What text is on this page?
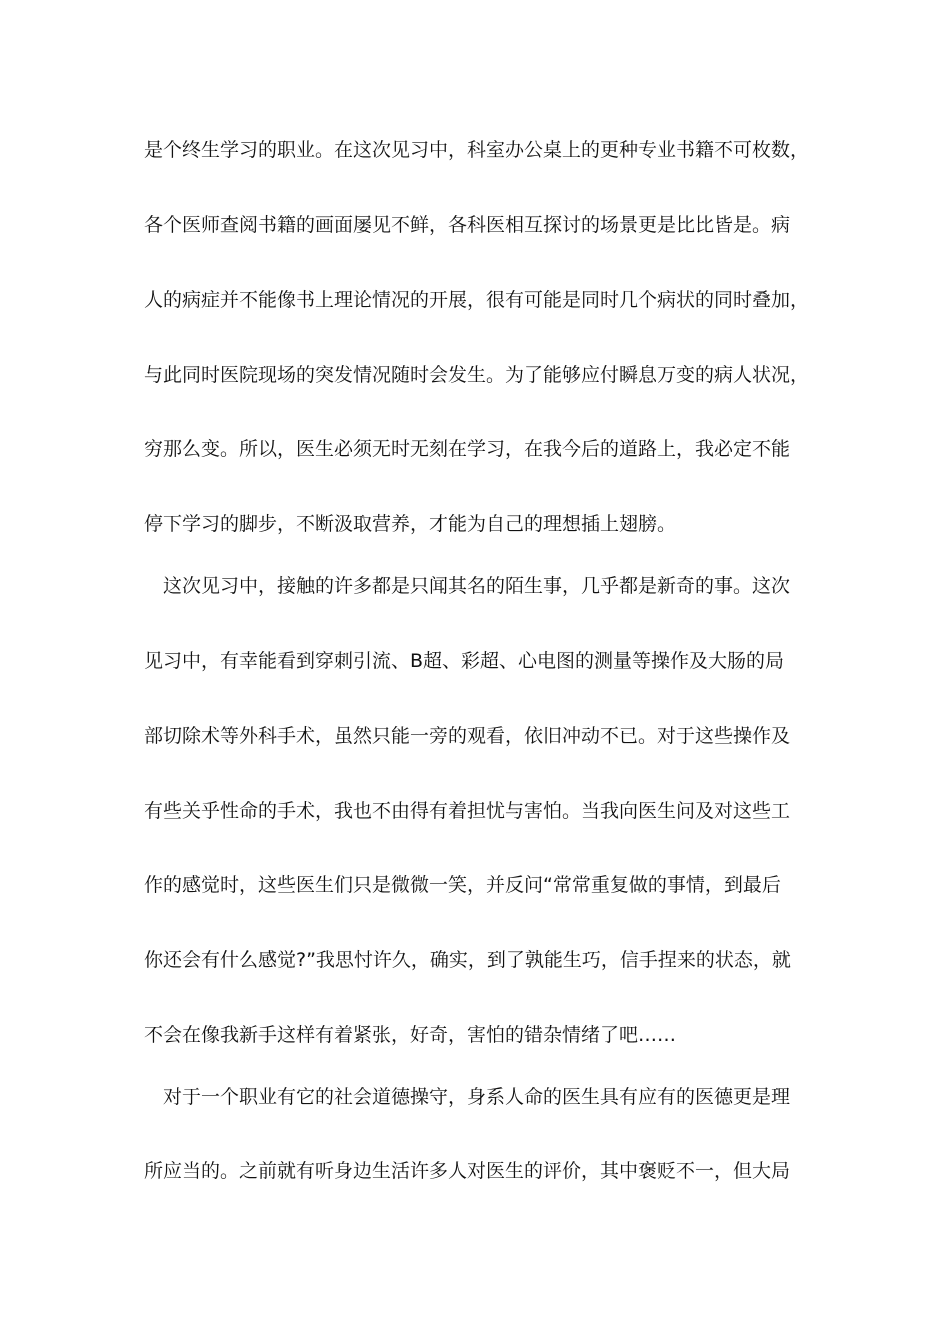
是个终生学习的职业。在这次见习中，科室办公桌上的更种专业书籍不可枚数，
各个医师查阅书籍的画面屡见不鲜，各科医相互探讨的场景更是比比皆是。病
人的病症并不能像书上理论情况的开展，很有可能是同时几个病状的同时叠加，
与此同时医院现场的突发情况随时会发生。为了能够应付瞬息万变的病人状况，
穷那么变。所以，医生必须无时无刻在学习，在我今后的道路上，我必定不能
停下学习的脚步，不断汲取营养，才能为自己的理想插上翅膀。
　这次见习中，接触的许多都是只闻其名的陌生事，几乎都是新奇的事。这次
见习中，有幸能看到穿刺引流、B超、彩超、心电图的测量等操作及大肠的局
部切除术等外科手术，虽然只能一旁的观看，依旧冲动不已。对于这些操作及
有些关乎性命的手术，我也不由得有着担忧与害怕。当我向医生问及对这些工
作的感觉时，这些医生们只是微微一笑，并反问“常常重复做的事情，到最后
你还会有什么感觉?”我思忖许久，确实，到了孰能生巧，信手捏来的状态，就
不会在像我新手这样有着紧张，好奇，害怕的错杂情绪了吧……
　对于一个职业有它的社会道德操守，身系人命的医生具有应有的医德更是理
所应当的。之前就有听身边生活许多人对医生的评价，其中褒贬不一，但大局
